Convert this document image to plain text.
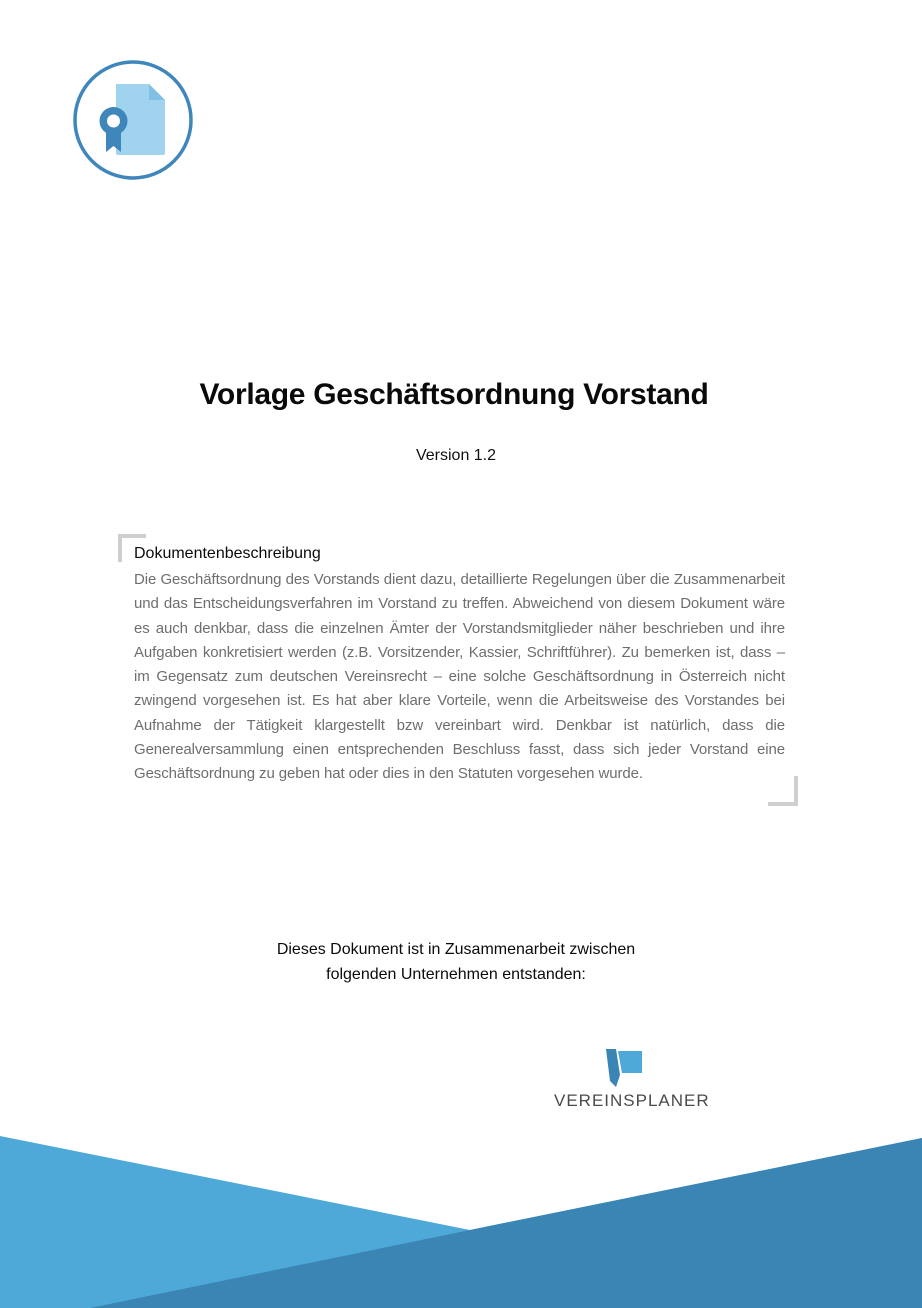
Vorlage Geschäftsordnung Vorstand
Version 1.2
Dokumentenbeschreibung
Die Geschäftsordnung des Vorstands dient dazu, detaillierte Regelungen über die Zusammenarbeit und das Entscheidungsverfahren im Vorstand zu treffen. Abweichend von diesem Dokument wäre es auch denkbar, dass die einzelnen Ämter der Vorstandsmitglieder näher beschrieben und ihre Aufgaben konkretisiert werden (z.B. Vorsitzender, Kassier, Schriftführer). Zu bemerken ist, dass – im Gegensatz zum deutschen Vereinsrecht – eine solche Geschäftsordnung in Österreich nicht zwingend vorgesehen ist. Es hat aber klare Vorteile, wenn die Arbeitsweise des Vorstandes bei Aufnahme der Tätigkeit klargestellt bzw vereinbart wird. Denkbar ist natürlich, dass die Generealversammlung einen entsprechenden Beschluss fasst, dass sich jeder Vorstand eine Geschäftsordnung zu geben hat oder dies in den Statuten vorgesehen wurde.
Dieses Dokument ist in Zusammenarbeit zwischen
folgenden Unternehmen entstanden:
VEREINSPLANER
